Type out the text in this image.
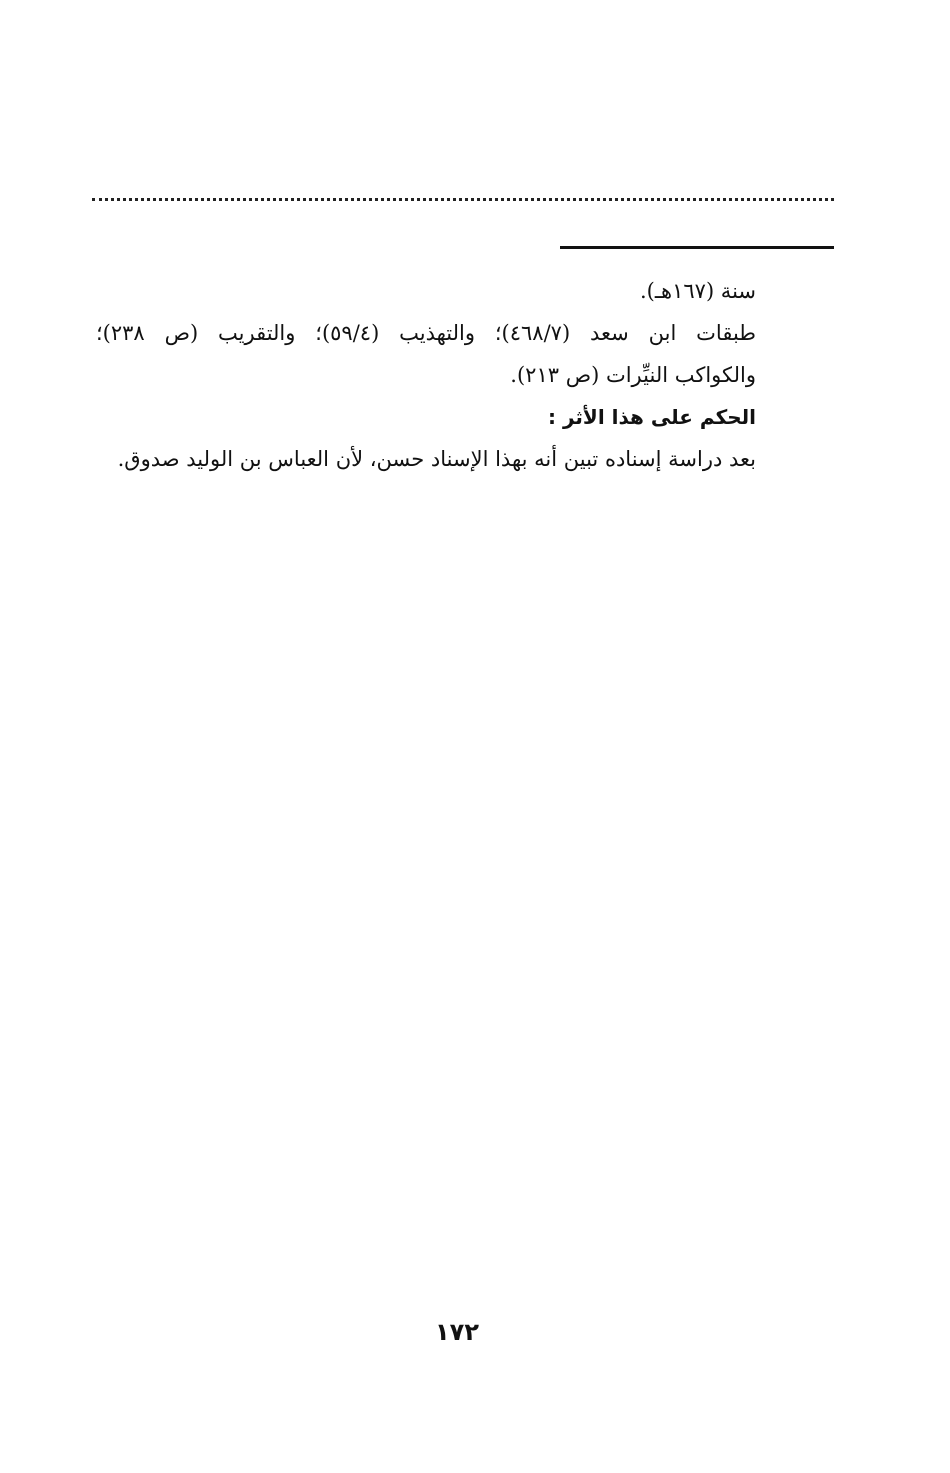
سنة (١٦٧هـ).

طبقات ابن سعد (٤٦٨/٧)؛ والتهذيب (٥٩/٤)؛ والتقريب (ص ٢٣٨)؛

والكواكب النيِّرات (ص ٢١٣).

الحكم على هذا الأثر :

بعد دراسة إسناده تبين أنه بهذا الإسناد حسن، لأن العباس بن الوليد صدوق.

١٧٢
